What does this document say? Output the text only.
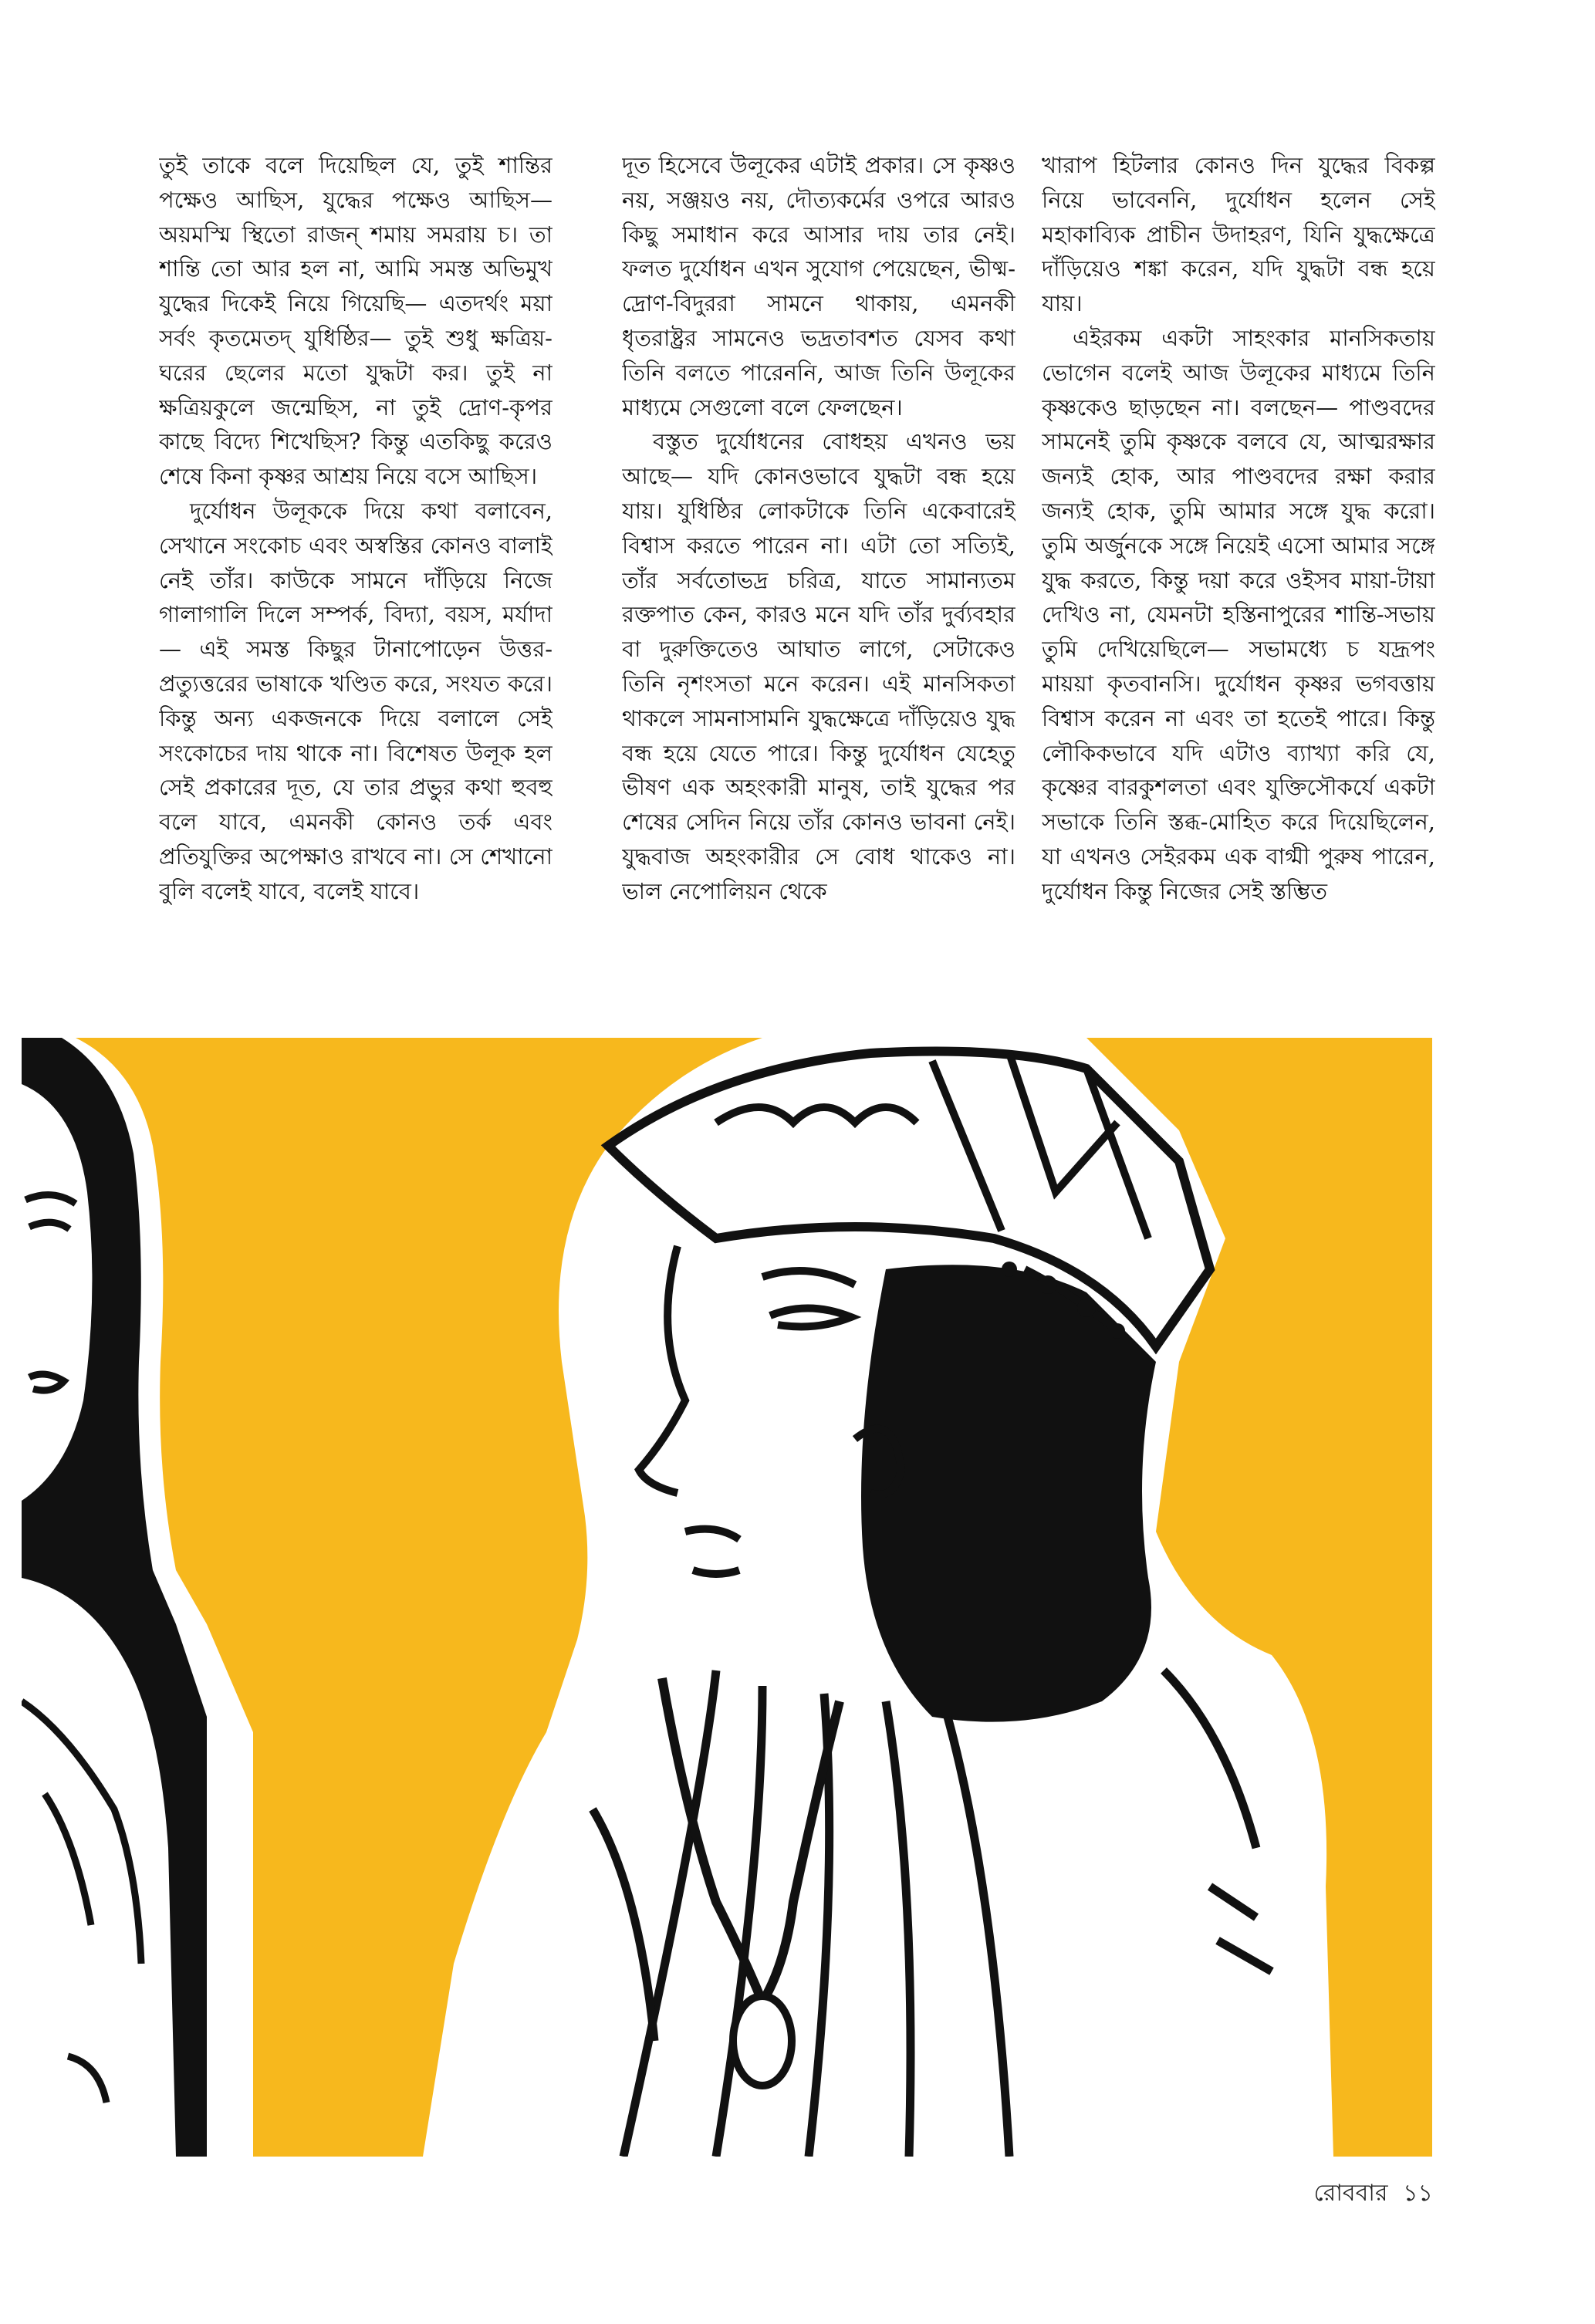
তুই তাকে বলে দিয়েছিল যে, তুই শান্তির পক্ষেও আছিস, যুদ্ধের পক্ষেও আছিস— অয়মস্মি স্থিতো রাজন্‌ শমায় সমরায় চ। তা শান্তি তো আর হল না, আমি সমস্ত অভিমুখ যুদ্ধের দিকেই নিয়ে গিয়েছি— এতদর্থং ময়া সর্বং কৃতমেতদ্‌ যুধিষ্ঠির— তুই শুধু ক্ষত্রিয়-ঘরের ছেলের মতো যুদ্ধটা কর। তুই না ক্ষত্রিয়কুলে জন্মেছিস, না তুই দ্রোণ-কৃপর কাছে বিদ্যে শিখেছিস? কিন্তু এতকিছু করেও শেষে কিনা কৃষ্ণর আশ্রয় নিয়ে বসে আছিস।

দুর্যোধন উলূককে দিয়ে কথা বলাবেন, সেখানে সংকোচ এবং অস্বস্তির কোনও বালাই নেই তাঁর। কাউকে সামনে দাঁড়িয়ে নিজে গালাগালি দিলে সম্পর্ক, বিদ্যা, বয়স, মর্যাদা— এই সমস্ত কিছুর টানাপোড়েন উত্তর-প্রত্যুত্তরের ভাষাকে খণ্ডিত করে, সংযত করে। কিন্তু অন্য একজনকে দিয়ে বলালে সেই সংকোচের দায় থাকে না। বিশেষত উলূক হল সেই প্রকারের দূত, যে তার প্রভুর কথা হুবহু বলে যাবে, এমনকী কোনও তর্ক এবং প্রতিযুক্তির অপেক্ষাও রাখবে না। সে শেখানো বুলি বলেই যাবে, বলেই যাবে।

দূত হিসেবে উলূকের এটাই প্রকার। সে কৃষ্ণও নয়, সঞ্জয়ও নয়, দৌত্যকর্মের ওপরে আরও কিছু সমাধান করে আসার দায় তার নেই। ফলত দুর্যোধন এখন সুযোগ পেয়েছেন, ভীষ্ম-দ্রোণ-বিদুররা সামনে থাকায়, এমনকী ধৃতরাষ্ট্রর সামনেও ভদ্রতাবশত যেসব কথা তিনি বলতে পারেননি, আজ তিনি উলূকের মাধ্যমে সেগুলো বলে ফেলছেন।

বস্তুত দুর্যোধনের বোধহয় এখনও ভয় আছে— যদি কোনওভাবে যুদ্ধটা বন্ধ হয়ে যায়। যুধিষ্ঠির লোকটাকে তিনি একেবারেই বিশ্বাস করতে পারেন না। এটা তো সত্যিই, তাঁর সর্বতোভদ্র চরিত্র, যাতে সামান্যতম রক্তপাত কেন, কারও মনে যদি তাঁর দুর্ব্যবহার বা দুরুক্তিতেও আঘাত লাগে, সেটাকেও তিনি নৃশংসতা মনে করেন। এই মানসিকতা থাকলে সামনাসামনি যুদ্ধক্ষেত্রে দাঁড়িয়েও যুদ্ধ বন্ধ হয়ে যেতে পারে। কিন্তু দুর্যোধন যেহেতু ভীষণ এক অহংকারী মানুষ, তাই যুদ্ধের পর শেষের সেদিন নিয়ে তাঁর কোনও ভাবনা নেই। যুদ্ধবাজ অহংকারীর সে বোধ থাকেও না। ভাল নেপোলিয়ন থেকে

খারাপ হিটলার কোনও দিন যুদ্ধের বিকল্প নিয়ে ভাবেননি, দুর্যোধন হলেন সেই মহাকাব্যিক প্রাচীন উদাহরণ, যিনি যুদ্ধক্ষেত্রে দাঁড়িয়েও শঙ্কা করেন, যদি যুদ্ধটা বন্ধ হয়ে যায়।

এইরকম একটা সাহংকার মানসিকতায় ভোগেন বলেই আজ উলূকের মাধ্যমে তিনি কৃষ্ণকেও ছাড়ছেন না। বলছেন— পাণ্ডবদের সামনেই তুমি কৃষ্ণকে বলবে যে, আত্মরক্ষার জন্যই হোক, আর পাণ্ডবদের রক্ষা করার জন্যই হোক, তুমি আমার সঙ্গে যুদ্ধ করো। তুমি অর্জুনকে সঙ্গে নিয়েই এসো আমার সঙ্গে যুদ্ধ করতে, কিন্তু দয়া করে ওইসব মায়া-টায়া দেখিও না, যেমনটা হস্তিনাপুরের শান্তি-সভায় তুমি দেখিয়েছিলে— সভামধ্যে চ যদ্রূপং মায়য়া কৃতবানসি। দুর্যোধন কৃষ্ণর ভগবত্তায় বিশ্বাস করেন না এবং তা হতেই পারে। কিন্তু লৌকিকভাবে যদি এটাও ব্যাখ্যা করি যে, কৃষ্ণের বারকুশলতা এবং যুক্তিসৌকর্যে একটা সভাকে তিনি স্তব্ধ-মোহিত করে দিয়েছিলেন, যা এখনও সেইরকম এক বাগ্মী পুরুষ পারেন, দুর্যোধন কিন্তু নিজের সেই স্তম্ভিত

রোববার ১১
